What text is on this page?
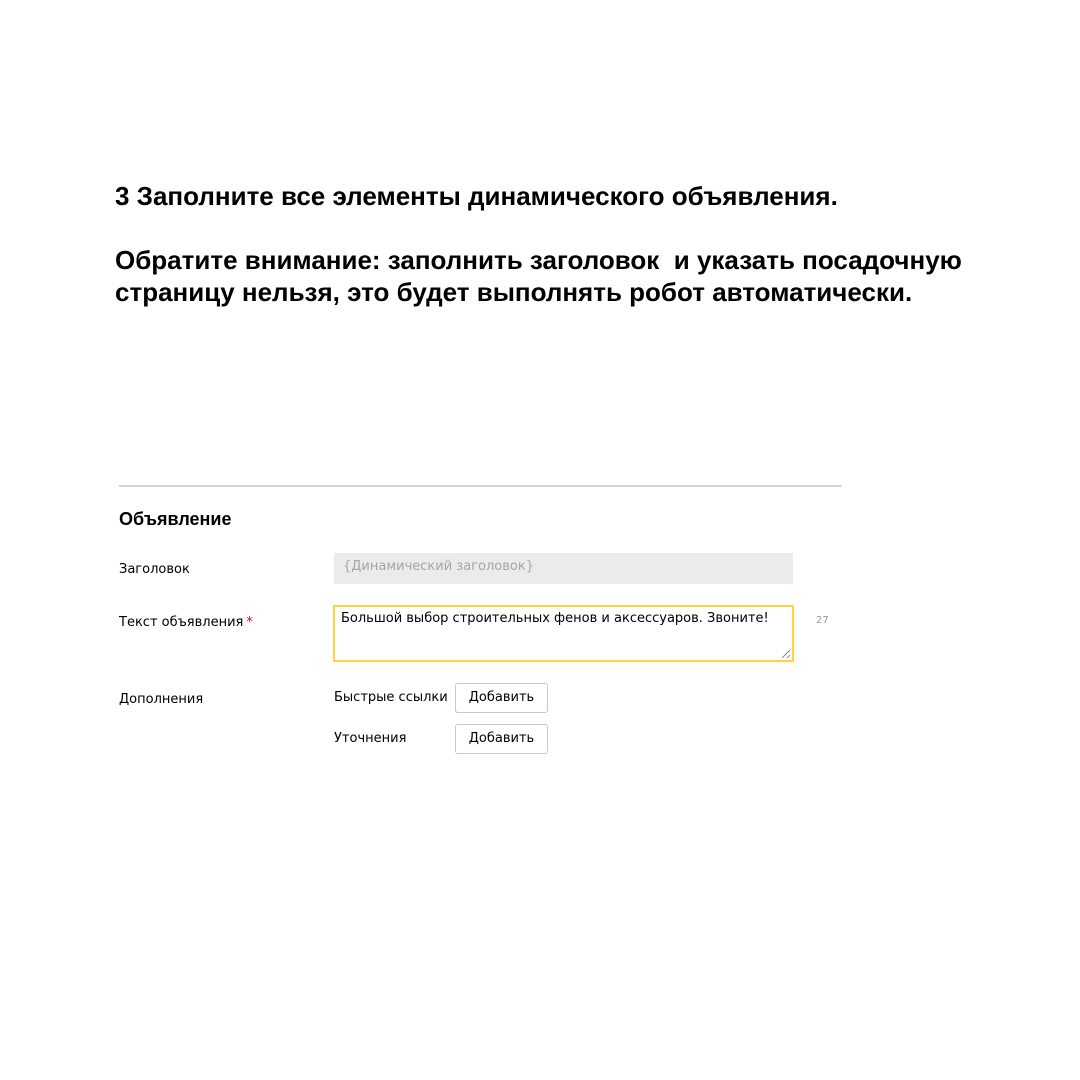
3 Заполните все элементы динамического объявления.

Обратите внимание: заполнить заголовок  и указать посадочную
страницу нельзя, это будет выполнять робот автоматически.

Объявление
Заголовок	{Динамический заголовок}
Текст объявления *	Большой выбор строительных фенов и аксессуаров. Звоните!	27
Дополнения	Быстрые ссылки	Добавить
Уточнения	Добавить
